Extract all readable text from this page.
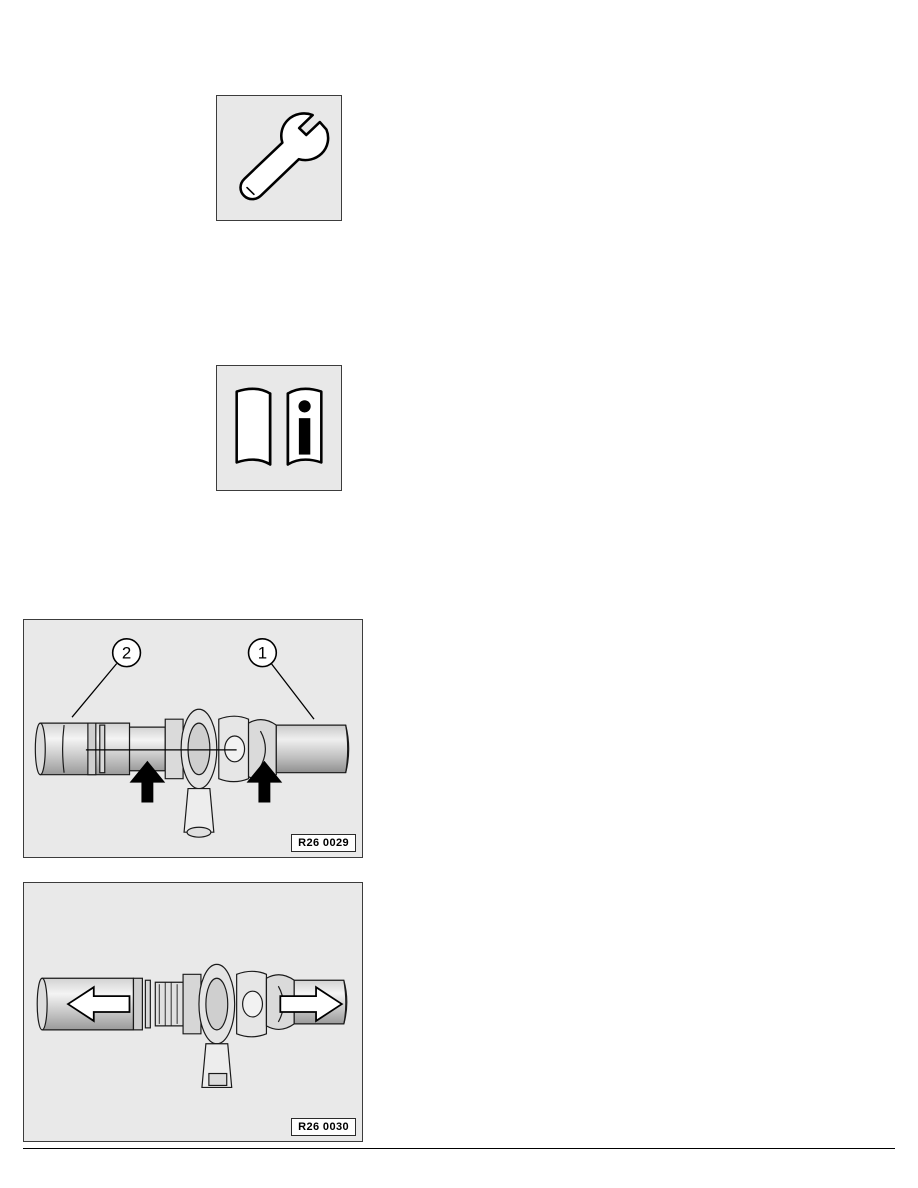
2	1
R26 0029
R26 0030
